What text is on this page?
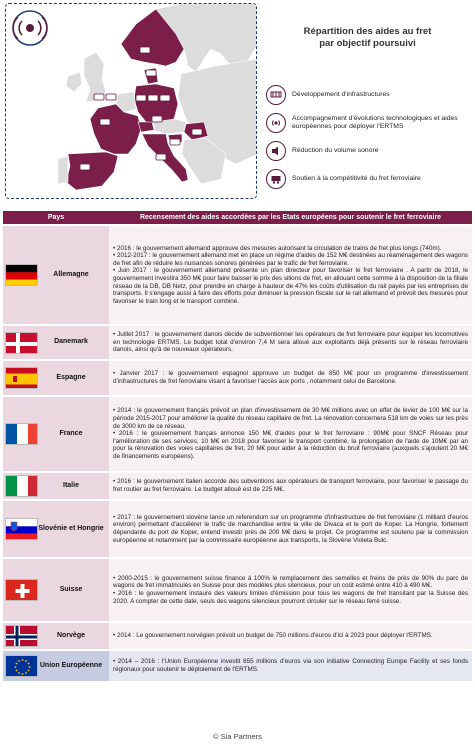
Répartition des aides au fret
par objectif poursuivi
Développement d'infrastructures
Accompagnement d'évolutions technologiques et aides européennes pour déployer l'ERTMS
Réduction du volume sonore
Soutien à la compétitivité du fret ferroviaire
Pays	Recensement des aides accordées par les Etats européens pour soutenir le fret ferroviaire

Allemagne	• 2016 : le gouvernement allemand approuve des mesures autorisant la circulation de trains de fret plus longs (740m).

• 2012-2017 : le gouvernement allemand met en place un régime d'aides de 152 M€ destinées au réaménagement des wagons de fret afin de réduire les nuisances sonores générées par le trafic de fret ferroviaire.

• Juin 2017 : le gouvernement allemand présente un plan directeur pour favoriser le fret ferroviaire . A partir de 2018, le gouvernement investira 350 M€ pour faire baisser le prix des sillons de fret, en allouant cette somme à la disposition de la filiale réseau de la DB, DB Netz, pour prendre en charge à hauteur de 47% les coûts d'utilisation du rail payés par les entreprises de transports. Il s'engage aussi à faire des efforts pour diminuer la pression fiscale sur le rail allemand et prévoit des mesures pour favoriser le train long et le transport combiné.

Danemark	• Juillet 2017 : le gouvernement danois décide de subventionner les opérateurs de fret ferroviaire pour équiper les locomotives en technologie ERTMS. Le budget total d'environ 7,4 M sera alloué aux exploitants déjà présents sur le réseau ferroviaire danois, ainsi qu'à de nouveaux opérateurs.

Espagne	• Janvier 2017 : le gouvernement espagnol approuve un budget de 850 M€ pour un programme d'investissement d'infrastructures de fret ferroviaire visant à favoriser l'accès aux ports , notamment celui de Barcelone.

France	• 2014 : le gouvernement français prévoit un plan d'investissement de 30 M€ millions avec un effet de levier de 100 M€ sur la période 2015-2017 pour améliorer la qualité du réseau capillaire de fret. La rénovation concernera 518 km de voies sur les près de 3000 km de ce réseau.

• 2016 : le gouvernement français annonce 150 M€ d'aides pour le fret ferroviaire : 90M€ pour SNCF Réseau pour l'amélioration de ses services, 10 M€ en 2018 pour favoriser le transport combiné, la prolongation de l'aide de 10M€ par an pour la rénovation des voies capillaires de fret, 20 M€ pour aider à la réduction du bruit ferroviaire (auxquels s'ajoutent 20 M€ de financements européens).

Italie	• 2016 : le gouvernement italien accorde des subventions aux opérateurs de transport ferroviaire, pour favoriser le passage du fret routier au fret ferroviaire. Le budget alloué est de 225 M€.

Slovénie et Hongrie	• 2017 : le gouvernement slovène lance un referendum sur un programme d'infrastructure de fret ferroviaire (1 milliard d'euros environ) permettant d'accélérer le trafic de marchandise entre la ville de Divaca et le port de Koper. La Hongrie, fortement dépendante du port de Koper, entend investir près de 200 M€ dans le projet. Ce programme est soutenu par la commission européenne et notamment par la commissaire européenne aux transports, la Slovène Violeta Bulc.

Suisse	• 2000-2015 : le gouvernement suisse finance à 100% le remplacement des semelles et freins de près de 90% du parc de wagons de fret immatriculés en Suisse pour des modèles plus silencieux, pour un coût estimé entre 410 à 490 M€.

• 2016 : le gouvernement instaure des valeurs limites d'émission pour tous les wagons de fret transitant par la Suisse dès 2020. A compter de cette date, seuls des wagons silencieux pourront circuler sur le réseau ferré suisse.

Norvège	• 2014 : Le gouvernement norvégien prévoit un budget de 750 millions d'euros d'ici à 2023 pour déployer l'ERTMS.

Union Européenne	• 2014 – 2016 : l'Union Européenne investit 655 millions d'euros via son initiative Connecting Europe Facility et ses fonds régionaux pour soutenir le déploiement de l'ERTMS.

© Sia Partners
